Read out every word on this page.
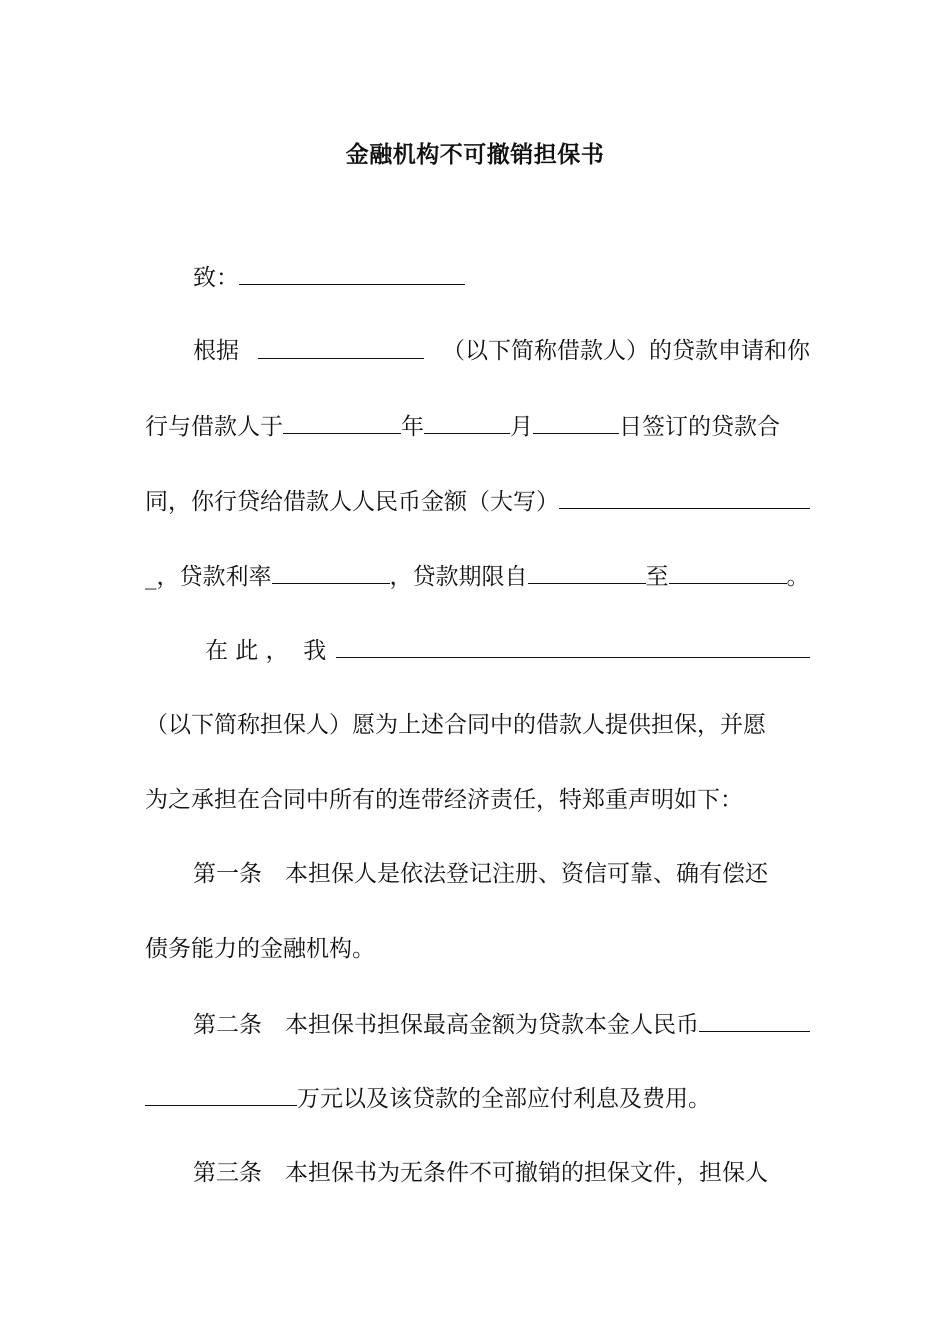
金融机构不可撤销担保书
致：
根据	（以下简称借款人）的贷款申请和你
行与借款人于	年	月	日签订的贷款合
同，你行贷给借款人人民币金额（大写）
_ ，贷款利率	，贷款期限自	至	。
在 此 ，  我
（以下简称担保人）愿为上述合同中的借款人提供担保，并愿
为之承担在合同中所有的连带经济责任，特郑重声明如下：
第一条　本担保人是依法登记注册、资信可靠、确有偿还
债务能力的金融机构。
第二条　本担保书担保最高金额为贷款本金人民币
万元以及该贷款的全部应付利息及费用。
第三条　本担保书为无条件不可撤销的担保文件，担保人
